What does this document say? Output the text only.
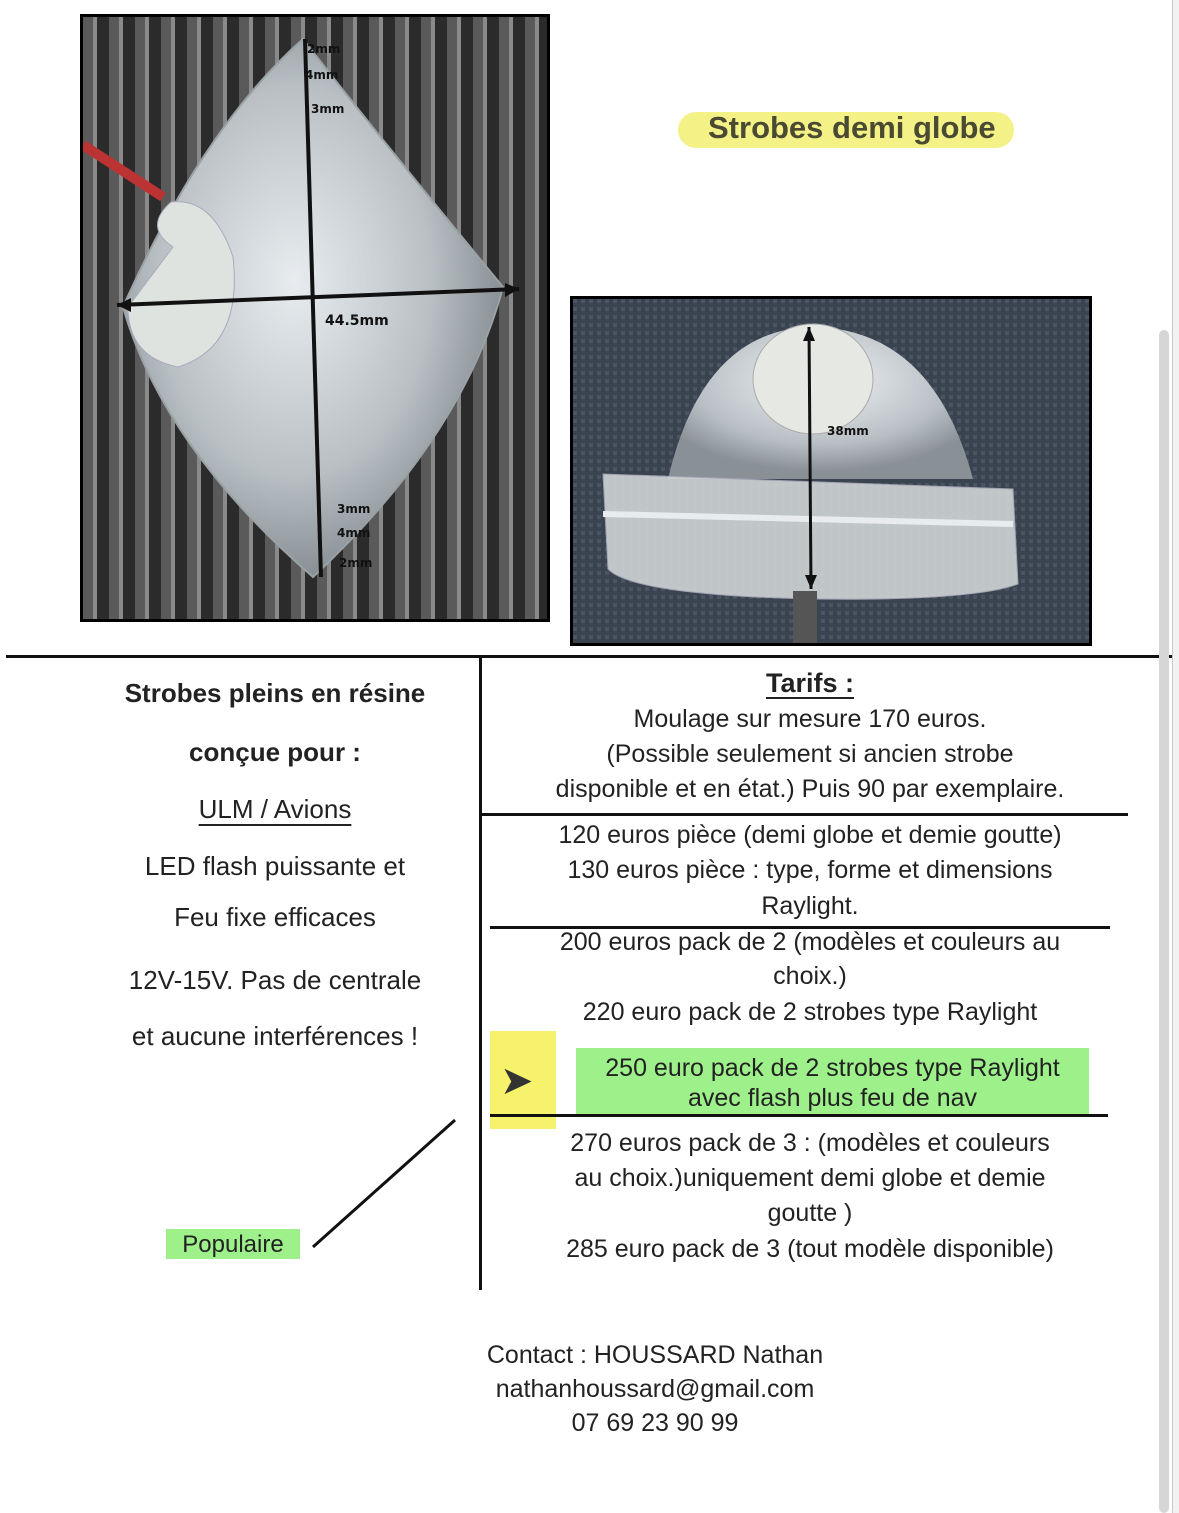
2mm
4mm
3mm
44.5mm
3mm
4mm
2mm
Strobes demi globe
38mm
Strobes pleins en résine
conçue pour :
ULM / Avions
LED flash puissante et
Feu fixe efficaces
12V-15V. Pas de centrale
et aucune interférences !
Populaire
Tarifs :
Moulage sur mesure 170 euros.
(Possible seulement si ancien strobe
disponible et en état.) Puis 90 par exemplaire.
120 euros pièce (demi globe et demie goutte)
130 euros pièce : type, forme et dimensions
Raylight.
200 euros pack de 2 (modèles et couleurs au
choix.)
220 euro pack de 2 strobes type Raylight
➤	250 euro pack de 2 strobes type Raylight
avec flash plus feu de nav
270 euros pack de 3 : (modèles et couleurs
au choix.)uniquement demi globe et demie
goutte )
285 euro pack de 3 (tout modèle disponible)
Contact : HOUSSARD Nathan
nathanhoussard@gmail.com
07 69 23 90 99
